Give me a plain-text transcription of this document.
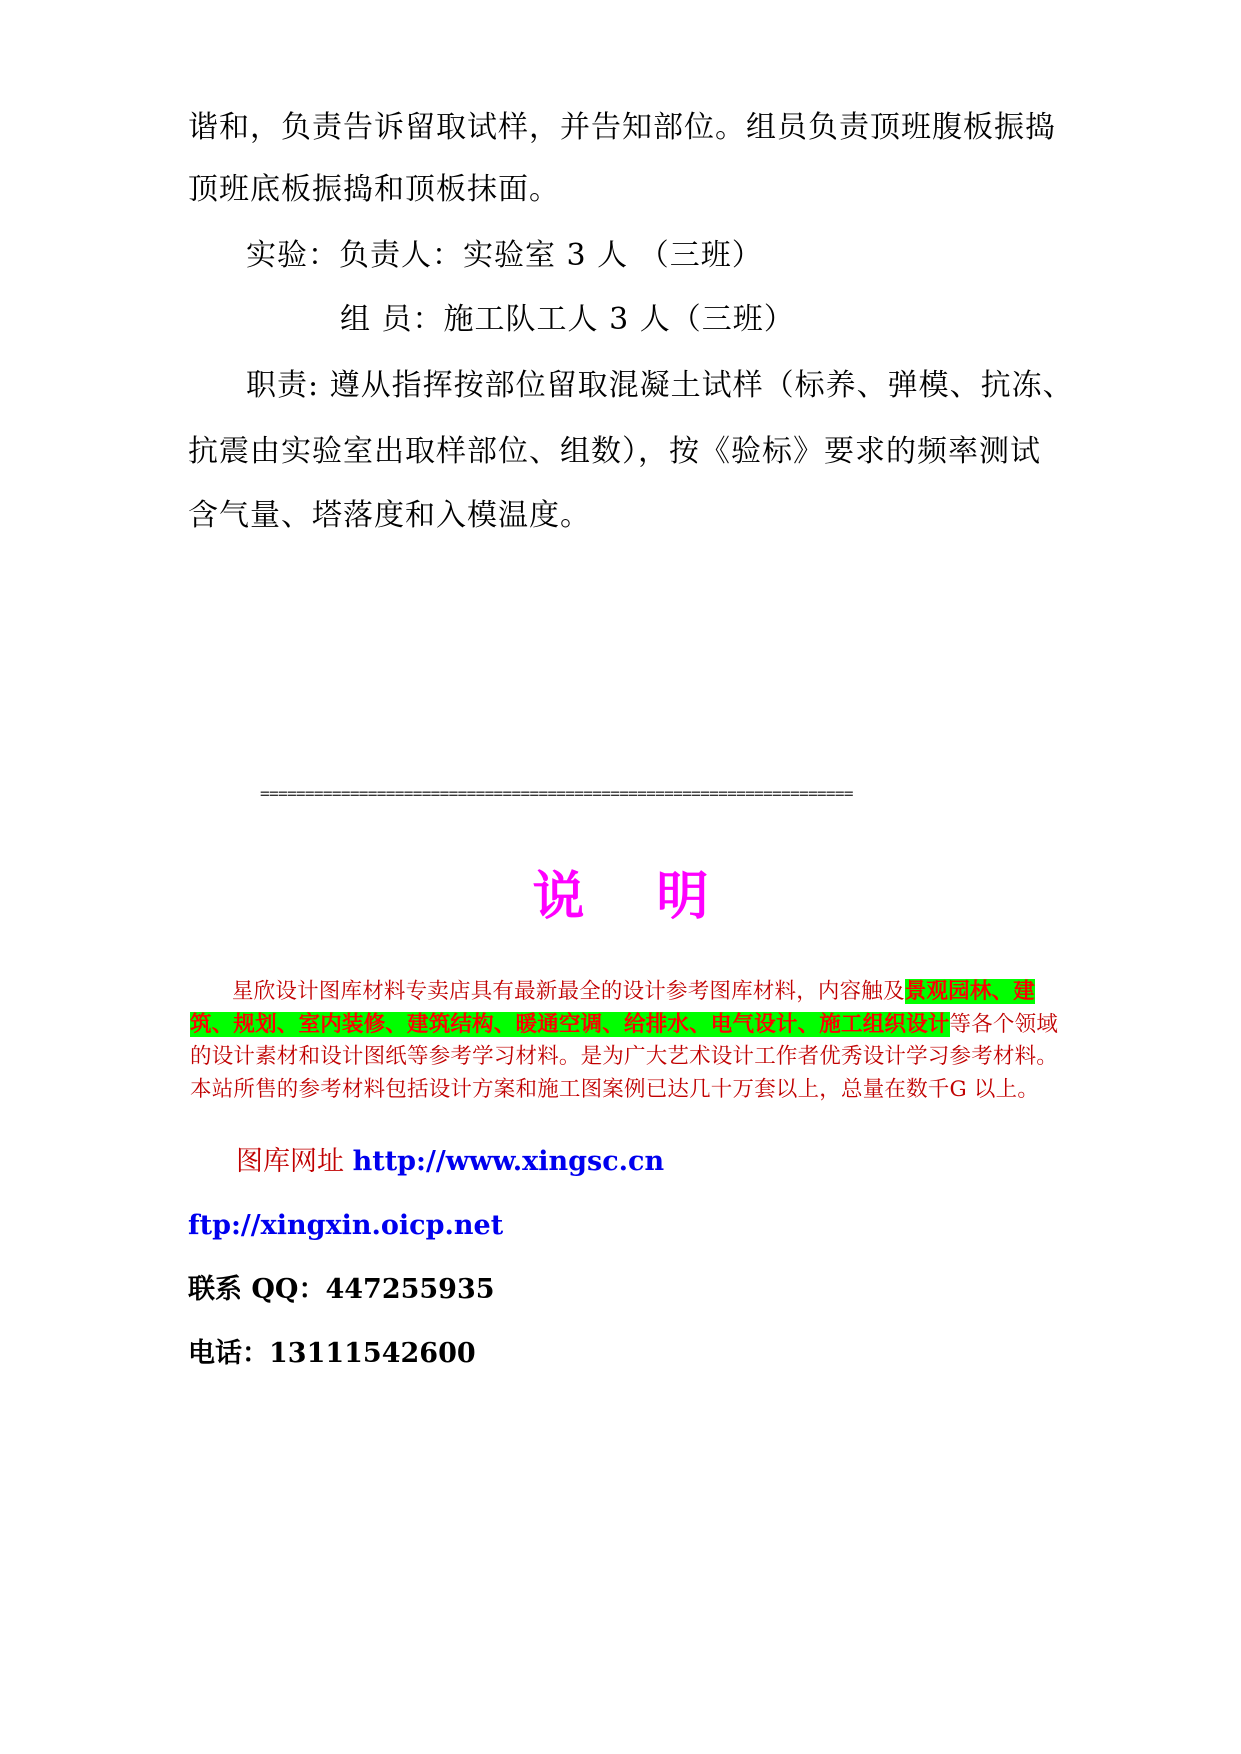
谐和，负责告诉留取试样，并告知部位。组员负责顶班腹板振捣
顶班底板振捣和顶板抹面。
实验：负责人：实验室 3 人 （三班）
组 员：施工队工人 3 人（三班）
职责: 遵从指挥按部位留取混凝土试样（标养、弹模、抗冻、
抗震由实验室出取样部位、组数），按《验标》要求的频率测试
含气量、塔落度和入模温度。
==================================================================
说 明
星欣设计图库材料专卖店具有最新最全的设计参考图库材料，内容触及景观园林、建筑、规划、室内装修、建筑结构、暖通空调、给排水、电气设计、施工组织设计等各个领域的设计素材和设计图纸等参考学习材料。是为广大艺术设计工作者优秀设计学习参考材料。本站所售的参考材料包括设计方案和施工图案例已达几十万套以上，总量在数千G 以上。
图库网址 http://www.xingsc.cn
ftp://xingxin.oicp.net
联系 QQ：447255935
电话：13111542600
